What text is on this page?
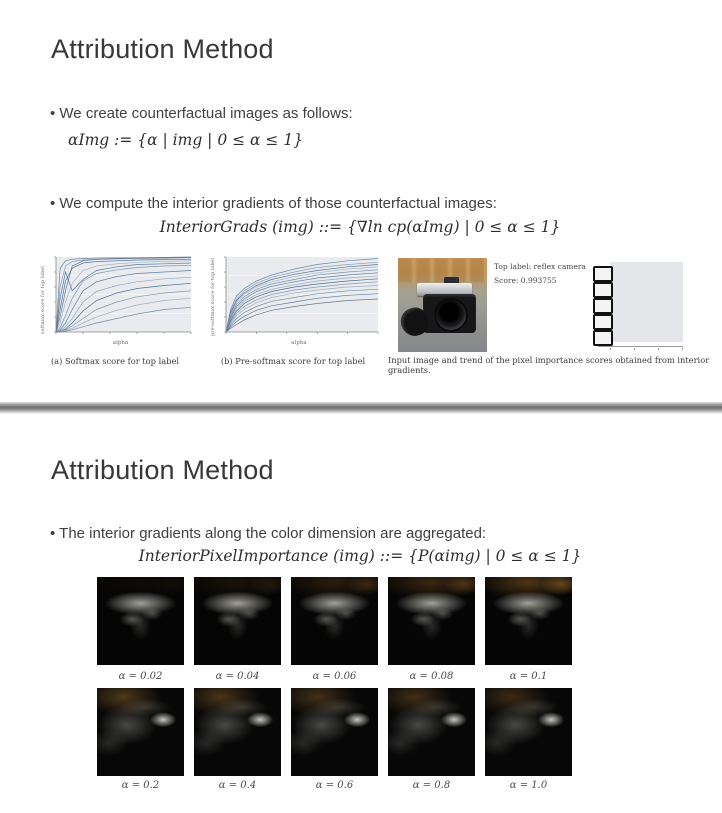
Attribution Method
• We create counterfactual images as follows:
αImg := {α | img | 0 ≤ α ≤ 1}
• We compute the interior gradients of those counterfactual images:
InteriorGrads (img) ::= {∇ln cp(αImg) | 0 ≤ α ≤ 1}
softmax score for top label
alpha
(a) Softmax score for top label
pre-softmax score for top label
alpha
(b) Pre-softmax score for top label
Top label: reflex camera
Score: 0.993755
Input image and trend of the pixel importance scores obtained from interior gradients.
Attribution Method
• The interior gradients along the color dimension are aggregated:
InteriorPixelImportance (img) ::= {P(αimg) | 0 ≤ α ≤ 1}
α = 0.02	α = 0.04	α = 0.06	α = 0.08	α = 0.1
α = 0.2	α = 0.4	α = 0.6	α = 0.8	α = 1.0
